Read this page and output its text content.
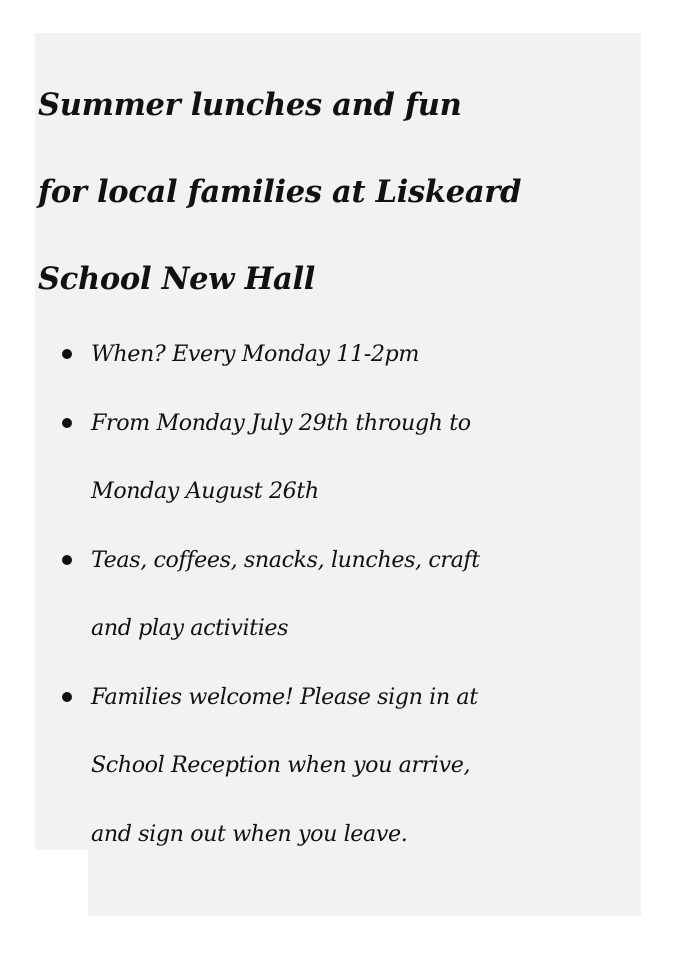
Summer lunches and fun
for local families at Liskeard
School New Hall
When? Every Monday 11-2pm
From Monday July 29th through to
Monday August 26th
Teas, coffees, snacks, lunches, craft
and play activities
Families welcome! Please sign in at
School Reception when you arrive,
and sign out when you leave.
